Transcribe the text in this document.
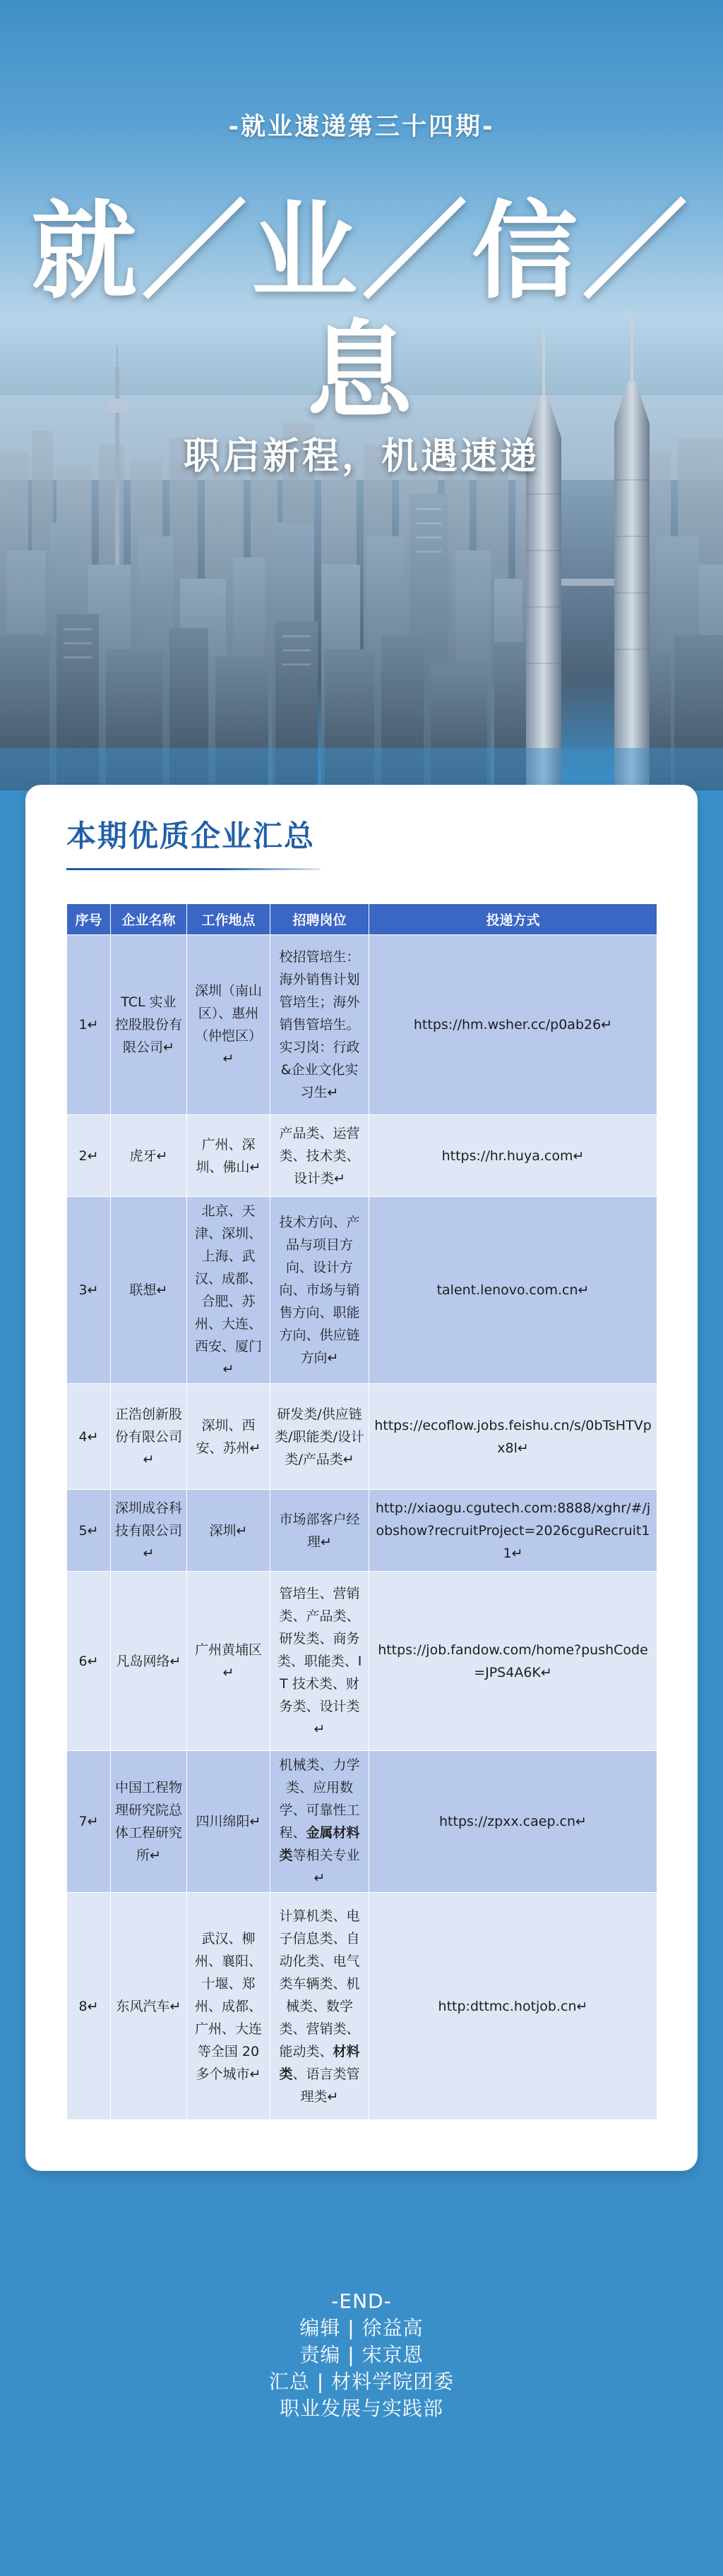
-就业速递第三十四期-
就／业／信／息
职启新程，机遇速递
本期优质企业汇总
序号	企业名称	工作地点	招聘岗位	投递方式
1↵	TCL 实业控股股份有限公司↵	深圳（南山区）、惠州（仲恺区）↵	校招管培生：海外销售计划管培生；海外销售管培生。实习岗：行政&企业文化实习生↵	https://hm.wsher.cc/p0ab26↵
2↵	虎牙↵	广州、深圳、佛山↵	产品类、运营类、技术类、设计类↵	https://hr.huya.com↵
3↵	联想↵	北京、天津、深圳、上海、武汉、成都、合肥、苏州、大连、西安、厦门↵	技术方向、产品与项目方向、设计方向、市场与销售方向、职能方向、供应链方向↵	talent.lenovo.com.cn↵
4↵	正浩创新股份有限公司↵	深圳、西安、苏州↵	研发类/供应链类/职能类/设计类/产品类↵	https://ecoflow.jobs.feishu.cn/s/0bTsHTVpx8l↵
5↵	深圳成谷科技有限公司↵	深圳↵	市场部客户经理↵	http://xiaogu.cgutech.com:8888/xghr/#/jobshow?recruitProject=2026cguRecruit11↵
6↵	凡岛网络↵	广州黄埔区↵	管培生、营销类、产品类、研发类、商务类、职能类、IT 技术类、财务类、设计类↵	https://job.fandow.com/home?pushCode=JPS4A6K↵
7↵	中国工程物理研究院总体工程研究所↵	四川绵阳↵	机械类、力学类、应用数学、可靠性工程、金属材料类等相关专业↵	https://zpxx.caep.cn↵
8↵	东风汽车↵	武汉、柳州、襄阳、十堰、郑州、成都、广州、大连等全国 20 多个城市↵	计算机类、电子信息类、自动化类、电气类车辆类、机械类、数学类、营销类、能动类、材料类、语言类管理类↵	http:dttmc.hotjob.cn↵
-END-
编辑 | 徐益高
责编 | 宋京恩
汇总 | 材料学院团委
职业发展与实践部
